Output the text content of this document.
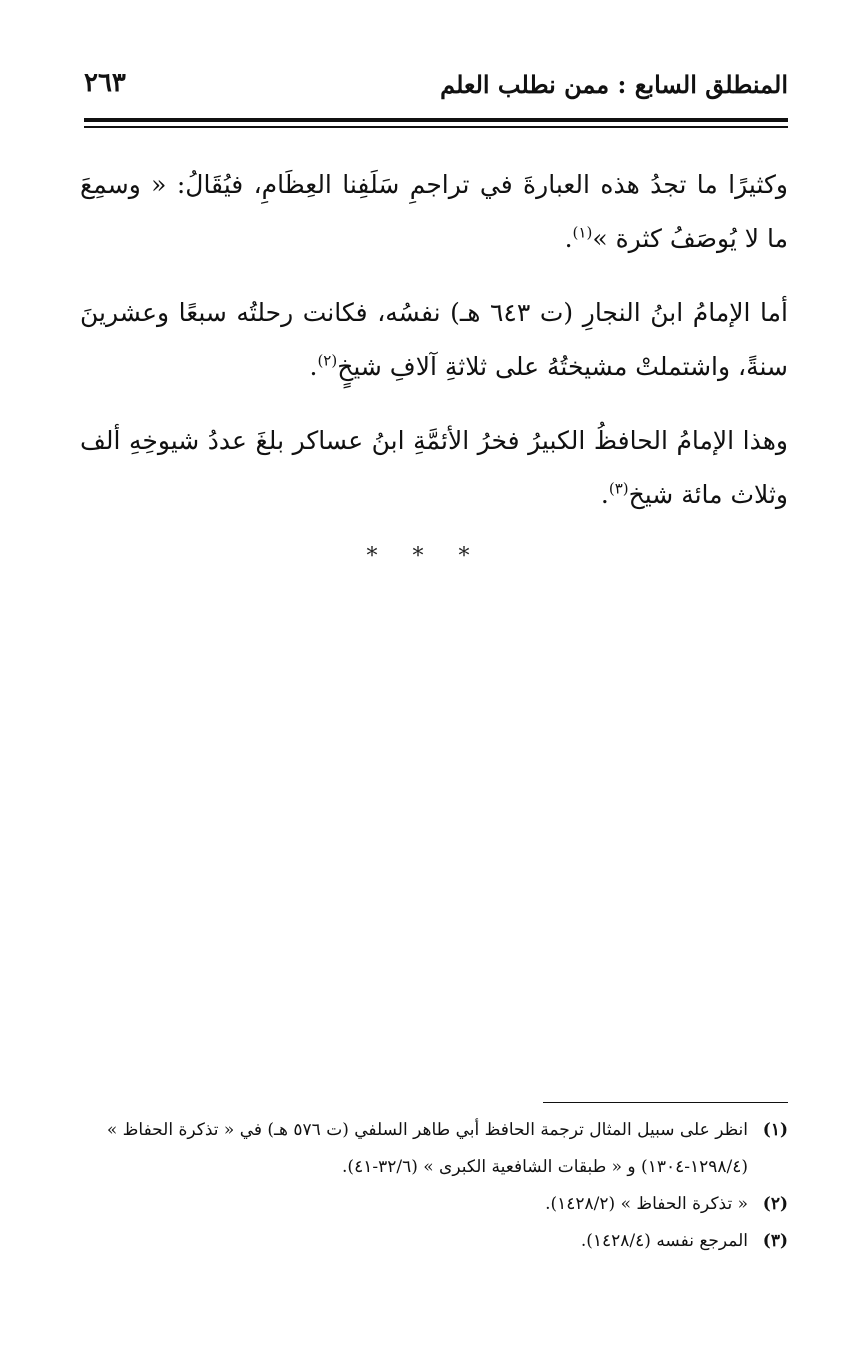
المنطلق السابع : ممن نطلب العلم
٢٦٣

وكثيرًا ما تجدُ هذه العبارةَ في تراجمِ سَلَفِنا العِظَامِ، فيُقَالُ: « وسمِعَ ما لا يُوصَفُ كثرة »$^{(١)}$.

أما الإمامُ ابنُ النجارِ (ت ٦٤٣ هـ) نفسُه، فكانت رحلتُه سبعًا وعشرينَ سنةً، واشتملتْ مشيختُهُ على ثلاثةِ آلافِ شيخٍ$^{(٢)}$.

وهذا الإمامُ الحافظُ الكبيرُ فخرُ الأئمَّةِ ابنُ عساكر بلغَ عددُ شيوخِهِ ألف وثلاث مائة شيخ$^{(٣)}$.

* * *
(١)
انظر على سبيل المثال ترجمة الحافظ أبي طاهر السلفي (ت ٥٧٦ هـ) في « تذكرة الحفاظ » (١٢٩٨/٤-١٣٠٤) و « طبقات الشافعية الكبرى » (٣٢/٦-٤١).
(٢)
« تذكرة الحفاظ » (١٤٢٨/٢).
(٣)
المرجع نفسه (١٤٢٨/٤).
